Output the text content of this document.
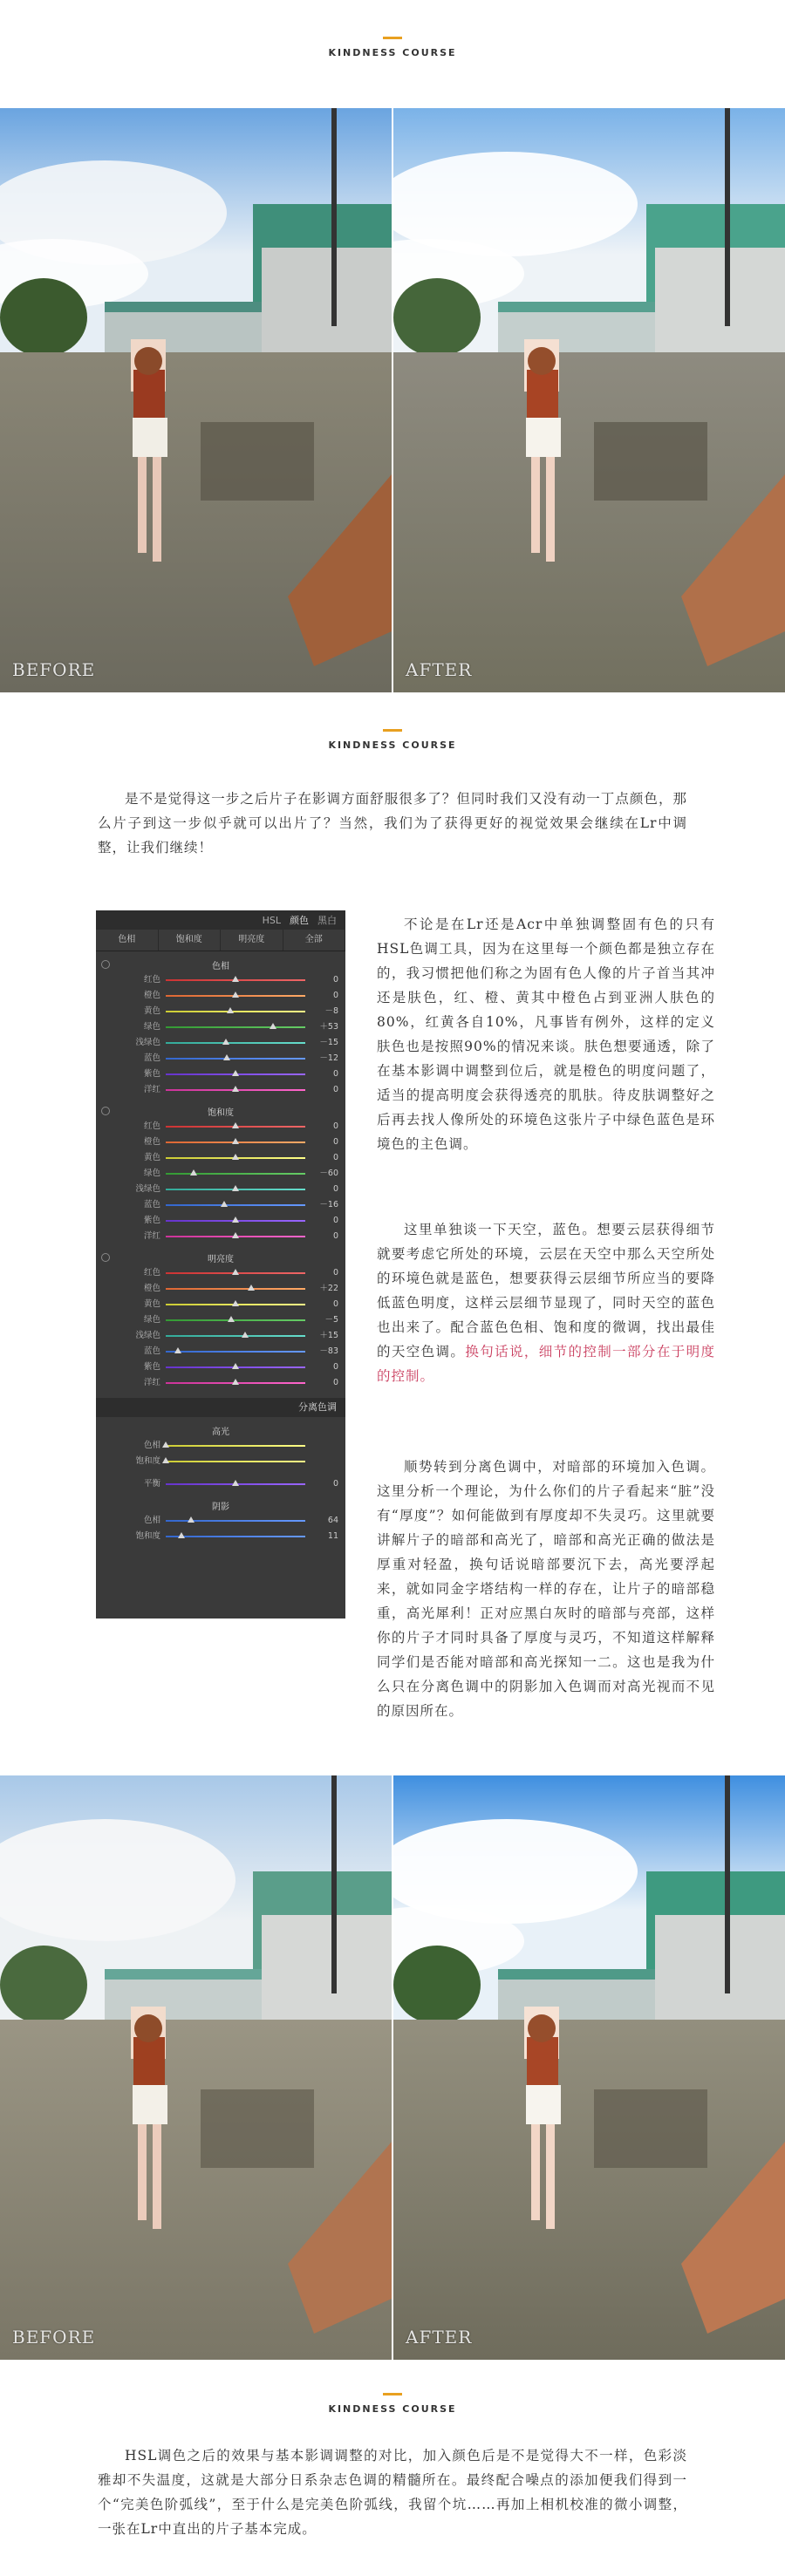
KINDNESS COURSE
BEFORE	AFTER
KINDNESS COURSE

是不是觉得这一步之后片子在影调方面舒服很多了？但同时我们又没有动一丁点颜色，那么片子到这一步似乎就可以出片了？当然，我们为了获得更好的视觉效果会继续在Lr中调整，让我们继续！

HSL 颜色 黑白
色相	饱和度	明亮度	全部
色相
红色	0
橙色	0
黄色	－8
绿色	＋53
浅绿色	－15
蓝色	－12
紫色	0
洋红	0
饱和度
红色	0
橙色	0
黄色	0
绿色	－60
浅绿色	0
蓝色	－16
紫色	0
洋红	0
明亮度
红色	0
橙色	＋22
黄色	0
绿色	－5
浅绿色	＋15
蓝色	－83
紫色	0
洋红	0
分离色调
高光
色相
饱和度
平衡	0
阴影
色相	64
饱和度	11

不论是在Lr还是Acr中单独调整固有色的只有HSL色调工具，因为在这里每一个颜色都是独立存在的，我习惯把他们称之为固有色人像的片子首当其冲还是肤色，红、橙、黄其中橙色占到亚洲人肤色的80%，红黄各自10%，凡事皆有例外，这样的定义肤色也是按照90%的情况来谈。肤色想要通透，除了在基本影调中调整到位后，就是橙色的明度问题了，适当的提高明度会获得透亮的肌肤。待皮肤调整好之后再去找人像所处的环境色这张片子中绿色蓝色是环境色的主色调。

这里单独谈一下天空，蓝色。想要云层获得细节就要考虑它所处的环境，云层在天空中那么天空所处的环境色就是蓝色，想要获得云层细节所应当的要降低蓝色明度，这样云层细节显现了，同时天空的蓝色也出来了。配合蓝色色相、饱和度的微调，找出最佳的天空色调。换句话说，细节的控制一部分在于明度的控制。

顺势转到分离色调中，对暗部的环境加入色调。这里分析一个理论，为什么你们的片子看起来“脏”没有“厚度”？如何能做到有厚度却不失灵巧。这里就要讲解片子的暗部和高光了，暗部和高光正确的做法是厚重对轻盈，换句话说暗部要沉下去，高光要浮起来，就如同金字塔结构一样的存在，让片子的暗部稳重，高光犀利！正对应黑白灰时的暗部与亮部，这样你的片子才同时具备了厚度与灵巧，不知道这样解释同学们是否能对暗部和高光探知一二。这也是我为什么只在分离色调中的阴影加入色调而对高光视而不见的原因所在。

BEFORE	AFTER
KINDNESS COURSE

HSL调色之后的效果与基本影调调整的对比，加入颜色后是不是觉得大不一样，色彩淡雅却不失温度，这就是大部分日系杂志色调的精髓所在。最终配合噪点的添加便我们得到一个“完美色阶弧线”，至于什么是完美色阶弧线，我留个坑……再加上相机校准的微小调整，一张在Lr中直出的片子基本完成。
